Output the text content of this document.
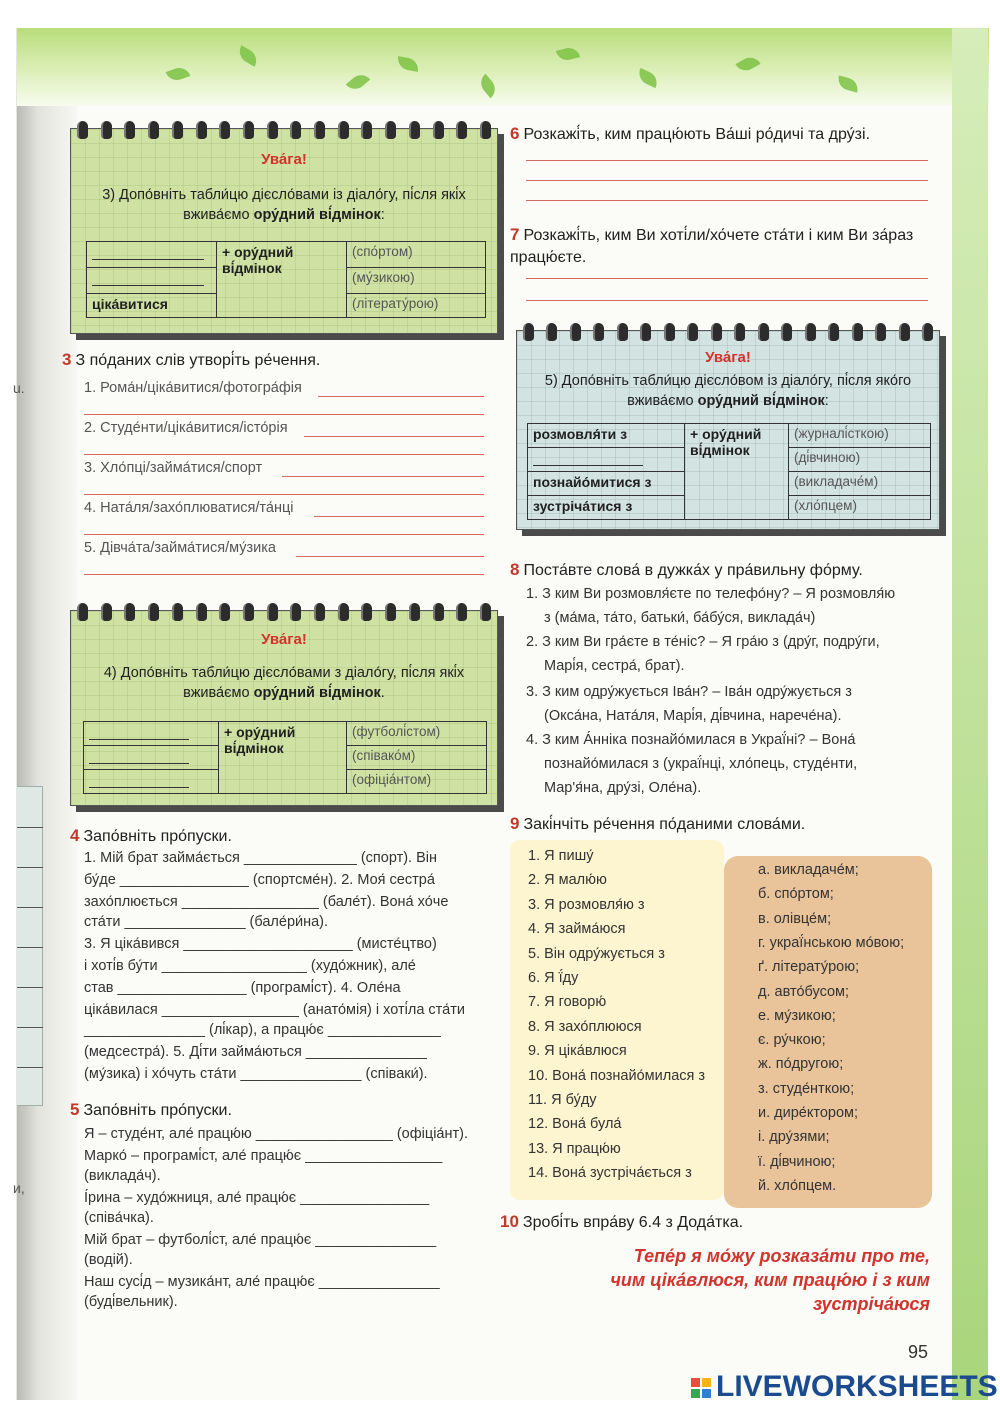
u.
и,
Ува́га!
3) Допо́вніть табли́цю дієсло́вами із діало́гу, пі́сля які́х вжива́ємо ору́дний ві́дмінок:
	+ ору́дний ві́дмінок	(спо́ртом)
		(му́зикою)
ціка́витися		(літерату́рою)
3 З по́даних слів утворі́ть ре́чення.
1. Рома́н/ціка́витися/фотогра́фія
2. Студе́нти/ціка́витися/істо́рія
3. Хло́пці/займа́тися/спорт
4. Ната́ля/захо́плюватися/та́нці
5. Дівча́та/займа́тися/му́зика
Ува́га!
4) Допо́вніть табли́цю дієсло́вами з діало́гу, пі́сля які́х вжива́ємо ору́дний ві́дмінок.
	+ ору́дний ві́дмінок	(футболі́стом)
		(співако́м)
		(офіціа́нтом)
4 Запо́вніть про́пуски.
1. Мій брат займа́ється ______________ (спорт). Він
бу́де ________________ (спортсме́н). 2. Моя́ сестра́
захо́плюється _________________ (бале́т). Вона́ хо́че
ста́ти _______________ (бале́ри́на).
3. Я ціка́вився _____________________ (мисте́цтво)
і хоті́в бу́ти __________________ (худо́жник), але́
став ________________ (програмі́ст). 4. Оле́на
ціка́вилася _________________ (анато́мія) і хоті́ла ста́ти
_______________ (лі́кар), а працю́є ______________
(медсестра́). 5. Ді́ти займа́ються _______________
(му́зика) і хо́чуть ста́ти _______________ (співаки́).
5 Запо́вніть про́пуски.
Я – студе́нт, але́ працю́ю _________________ (офіціа́нт).
Марко́ – програмі́ст, але́ працю́є _________________
(виклада́ч).
І́рина – худо́жниця, але́ працю́є ________________
(співа́чка).
Мій брат – футболі́ст, але́ працю́є _______________
(водій).
Наш сусі́д – музика́нт, але́ працю́є _______________
(буді́вельник).
6 Розкажі́ть, ким працю́ють Ва́ші ро́дичі та дру́зі.
7 Розкажі́ть, ким Ви хоті́ли/хо́чете ста́ти і ким Ви за́раз працю́єте.
Ува́га!
5) Допо́вніть табли́цю дієсло́вом із діало́гу, пі́сля яко́го вжива́ємо ору́дний ві́дмінок:
розмовля́ти з	+ ору́дний ві́дмінок	(журналі́сткою)
		(ді́вчиною)
познайо́митися з		(викладаче́м)
зустріча́тися з		(хло́пцем)
8 Поста́вте слова́ в дужка́х у пра́вильну фо́рму.
1. З ким Ви розмовля́єте по телефо́ну? – Я розмовля́ю
з (ма́ма, та́то, батьки́, ба́бу́ся, виклада́ч)
2. З ким Ви гра́єте в те́ніс? – Я гра́ю з (дру́г, подру́ги,
Марі́я, сестра́, брат).
3. З ким одру́жується Іва́н? – Іва́н одру́жується з
(Окса́на, Ната́ля, Марі́я, ді́вчина, нарече́на).
4. З ким А́нніка познайо́милася в Украї́ні? – Вона́
познайо́милася з (украї́нці, хло́пець, студе́нти,
Мар'я́на, дру́зі, Оле́на).
9 Закі́нчіть ре́чення по́даними слова́ми.
1. Я пишу́
2. Я малю́ю
3. Я розмовля́ю з
4. Я займа́юся
5. Він одру́жується з
6. Я ї́ду
7. Я говорю́
8. Я захо́плююся
9. Я ціка́влюся
10. Вона́ познайо́милася з
11. Я бу́ду
12. Вона́ була́
13. Я працю́ю
14. Вона́ зустріча́ється з
а. викладаче́м;
б. спо́ртом;
в. олівце́м;
г. украї́нською мо́вою;
ґ. літерату́рою;
д. авто́бусом;
е. му́зикою;
є. ру́чкою;
ж. по́другою;
з. студе́нткою;
и. дире́ктором;
і. дру́зями;
ї. ді́вчиною;
й. хло́пцем.
10 Зробі́ть впра́ву 6.4 з Дода́тка.
Тепе́р я мо́жу розказа́ти про те,
чим ціка́влюся, ким працю́ю і з ким
зустріча́юся
95
LIVEWORKSHEETS
